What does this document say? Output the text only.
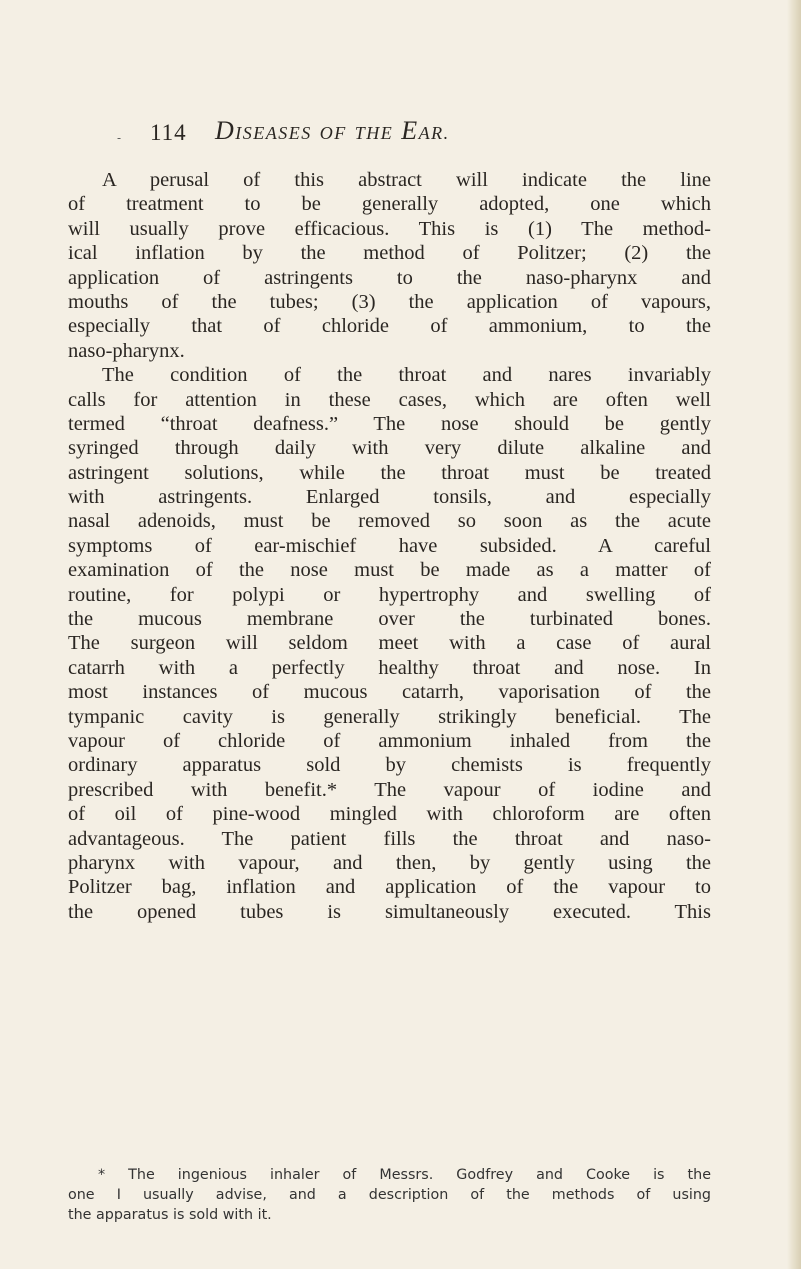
- 114 DISEASES OF THE EAR.
A perusal of this abstract will indicate the line
of treatment to be generally adopted, one which
will usually prove efficacious. This is (1) The method-
ical inflation by the method of Politzer; (2) the
application of astringents to the naso-pharynx and
mouths of the tubes; (3) the application of vapours,
especially that of chloride of ammonium, to the
naso-pharynx.
The condition of the throat and nares invariably
calls for attention in these cases, which are often well
termed “throat deafness.” The nose should be gently
syringed through daily with very dilute alkaline and
astringent solutions, while the throat must be treated
with astringents. Enlarged tonsils, and especially
nasal adenoids, must be removed so soon as the acute
symptoms of ear-mischief have subsided. A careful
examination of the nose must be made as a matter of
routine, for polypi or hypertrophy and swelling of
the mucous membrane over the turbinated bones.
The surgeon will seldom meet with a case of aural
catarrh with a perfectly healthy throat and nose. In
most instances of mucous catarrh, vaporisation of the
tympanic cavity is generally strikingly beneficial. The
vapour of chloride of ammonium inhaled from the
ordinary apparatus sold by chemists is frequently
prescribed with benefit.* The vapour of iodine and
of oil of pine-wood mingled with chloroform are often
advantageous. The patient fills the throat and naso-
pharynx with vapour, and then, by gently using the
Politzer bag, inflation and application of the vapour to
the opened tubes is simultaneously executed. This
* The ingenious inhaler of Messrs. Godfrey and Cooke is the
one I usually advise, and a description of the methods of using
the apparatus is sold with it.
